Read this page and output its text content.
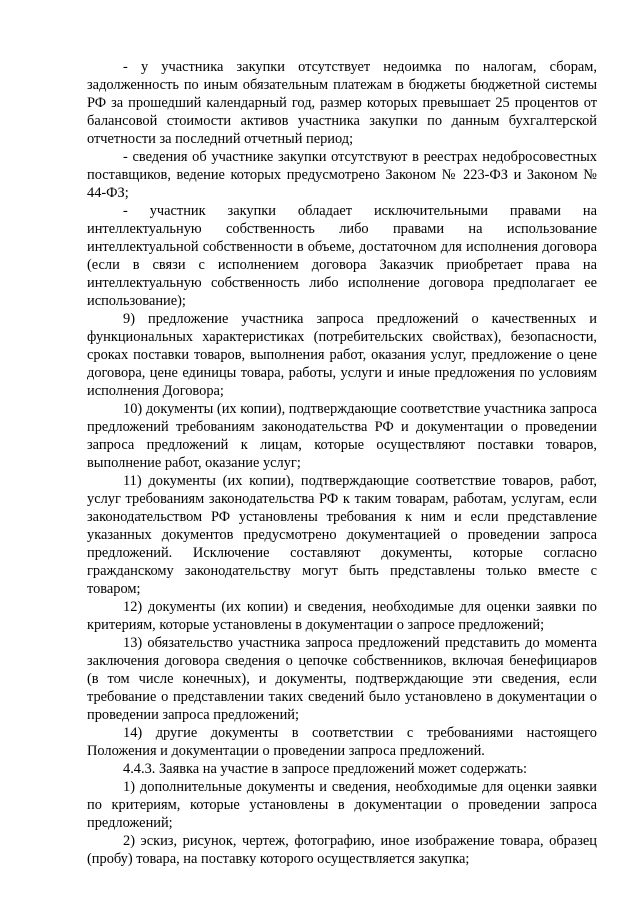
- у участника закупки отсутствует недоимка по налогам, сборам, задолженность по иным обязательным платежам в бюджеты бюджетной системы РФ за прошедший календарный год, размер которых превышает 25 процентов от балансовой стоимости активов участника закупки по данным бухгалтерской отчетности за последний отчетный период;

- сведения об участнике закупки отсутствуют в реестрах недобросовестных поставщиков, ведение которых предусмотрено Законом № 223-ФЗ и Законом № 44-ФЗ;

- участник закупки обладает исключительными правами на интеллектуальную собственность либо правами на использование интеллектуальной собственности в объеме, достаточном для исполнения договора (если в связи с исполнением договора Заказчик приобретает права на интеллектуальную собственность либо исполнение договора предполагает ее использование);

9) предложение участника запроса предложений о качественных и функциональных характеристиках (потребительских свойствах), безопасности, сроках поставки товаров, выполнения работ, оказания услуг, предложение о цене договора, цене единицы товара, работы, услуги и иные предложения по условиям исполнения Договора;

10) документы (их копии), подтверждающие соответствие участника запроса предложений требованиям законодательства РФ и документации о проведении запроса предложений к лицам, которые осуществляют поставки товаров, выполнение работ, оказание услуг;

11) документы (их копии), подтверждающие соответствие товаров, работ, услуг требованиям законодательства РФ к таким товарам, работам, услугам, если законодательством РФ установлены требования к ним и если представление указанных документов предусмотрено документацией о проведении запроса предложений. Исключение составляют документы, которые согласно гражданскому законодательству могут быть представлены только вместе с товаром;

12) документы (их копии) и сведения, необходимые для оценки заявки по критериям, которые установлены в документации о запросе предложений;

13) обязательство участника запроса предложений представить до момента заключения договора сведения о цепочке собственников, включая бенефициаров (в том числе конечных), и документы, подтверждающие эти сведения, если требование о представлении таких сведений было установлено в документации о проведении запроса предложений;

14) другие документы в соответствии с требованиями настоящего Положения и документации о проведении запроса предложений.

4.4.3. Заявка на участие в запросе предложений может содержать:

1) дополнительные документы и сведения, необходимые для оценки заявки по критериям, которые установлены в документации о проведении запроса предложений;

2) эскиз, рисунок, чертеж, фотографию, иное изображение товара, образец (пробу) товара, на поставку которого осуществляется закупка;
